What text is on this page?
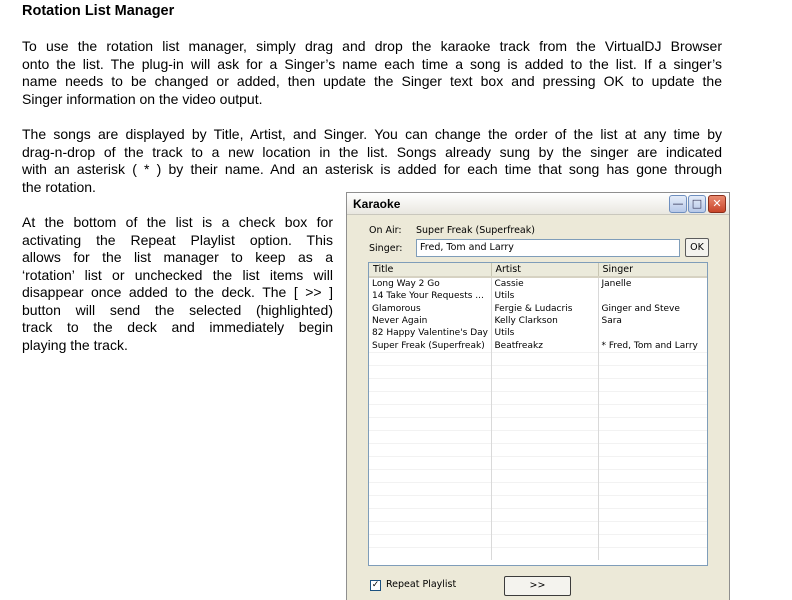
Rotation List Manager
To use the rotation list manager, simply drag and drop the karaoke track from the VirtualDJ Browser
onto the list. The plug-in will ask for a Singer’s name each time a song is added to the list. If a singer’s
name needs to be changed or added, then update the Singer text box and pressing OK to update the
Singer information on the video output.
The songs are displayed by Title, Artist, and Singer. You can change the order of the list at any time by
drag-n-drop of the track to a new location in the list. Songs already sung by the singer are indicated
with an asterisk ( * ) by their name. And an asterisk is added for each time that song has gone through
the rotation.
At the bottom of the list is a check box for
activating the Repeat Playlist option. This
allows for the list manager to keep as a
‘rotation’ list or unchecked the list items will
disappear once added to the deck. The [ >> ]
button will send the selected (highlighted)
track to the deck and immediately begin
playing the track.
Karaoke	— □ ✕
On Air: Super Freak (Superfreak)
Singer:	Fred, Tom and Larry	OK
Title	Artist	Singer
Long Way 2 Go	Cassie	Janelle
14 Take Your Requests ...	Utils	
Glamorous	Fergie & Ludacris	Ginger and Steve
Never Again	Kelly Clarkson	Sara
82 Happy Valentine's Day	Utils	
Super Freak (Superfreak)	Beatfreakz	* Fred, Tom and Larry

✓ Repeat Playlist	>>
